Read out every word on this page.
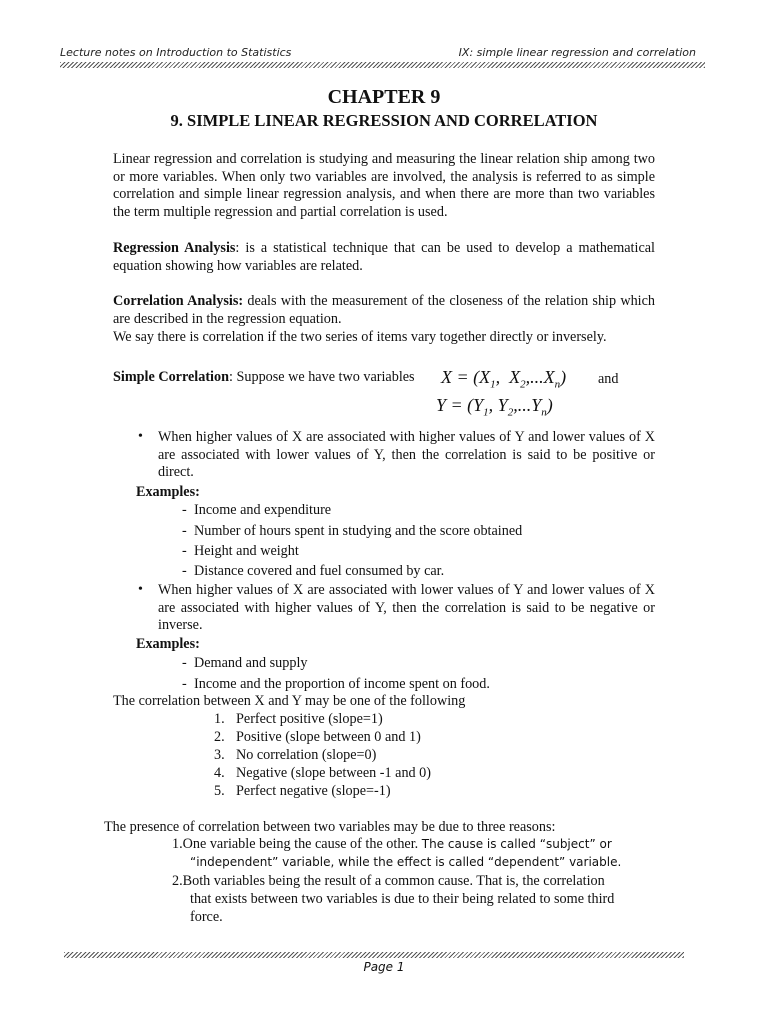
Lecture notes on Introduction to Statistics	IX: simple linear regression and correlation
CHAPTER 9
9. SIMPLE LINEAR REGRESSION AND CORRELATION
Linear regression and correlation is studying and measuring the linear relation ship among two or more variables. When only two variables are involved, the analysis is referred to as simple correlation and simple linear regression analysis, and when there are more than two variables the term multiple regression and partial correlation is used.
Regression Analysis: is a statistical technique that can be used to develop a mathematical equation showing how variables are related.
Correlation Analysis: deals with the measurement of the closeness of the relation ship which are described in the regression equation.
We say there is correlation if the two series of items vary together directly or inversely.
Simple Correlation: Suppose we have two variables $X = (X_1$,  $X_2,...X_n$) and
$Y = (Y_1$, $Y_2,...Y_n$)
• When higher values of X are associated with higher values of Y and lower values of X are associated with lower values of Y, then the correlation is said to be positive or direct.
Examples:
- Income and expenditure
- Number of hours spent in studying and the score obtained
- Height and weight
- Distance covered and fuel consumed by car.
• When higher values of X are associated with lower values of Y and lower values of X are associated with higher values of Y, then the correlation is said to be negative or inverse.
Examples:
- Demand and supply
- Income and the proportion of income spent on food.
The correlation between X and Y may be one of the following
1. Perfect positive (slope=1)
2. Positive (slope between 0 and 1)
3. No correlation (slope=0)
4. Negative (slope between -1 and 0)
5. Perfect negative (slope=-1)
The presence of correlation between two variables may be due to three reasons:
1.One variable being the cause of the other. The cause is called “subject” or
“independent” variable, while the effect is called “dependent” variable.
2.Both variables being the result of a common cause. That is, the correlation
that exists between two variables is due to their being related to some third
force.
Page 1
